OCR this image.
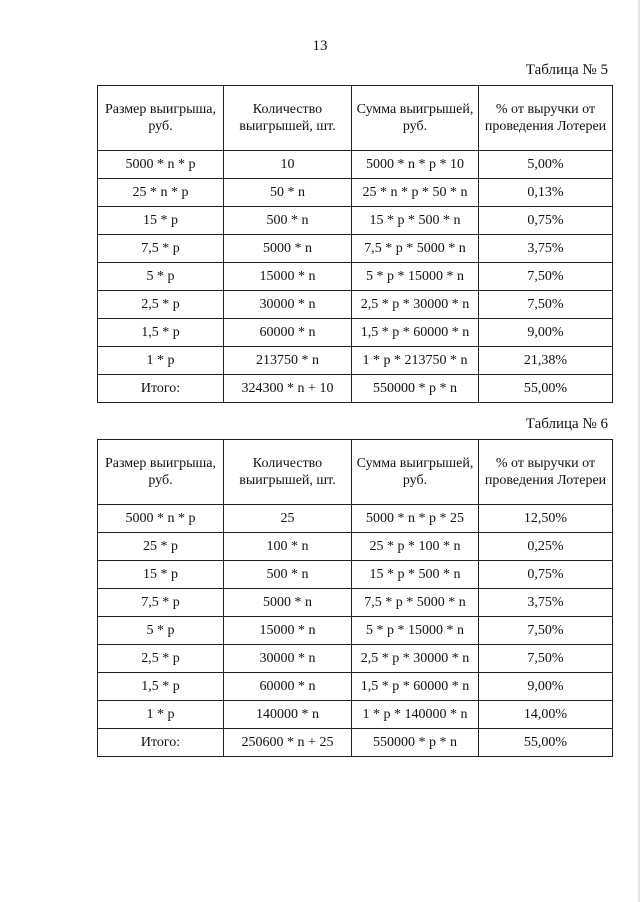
13
Таблица № 5
Размер выигрыша, руб.	Количество выигрышей, шт.	Сумма выигрышей, руб.	% от выручки от проведения Лотереи
5000 * n * p	10	5000 * n * p * 10	5,00%
25 * n * p	50 * n	25 * n * p * 50 * n	0,13%
15 * p	500 * n	15 * p * 500 * n	0,75%
7,5 * p	5000 * n	7,5 * p * 5000 * n	3,75%
5 * p	15000 * n	5 * p * 15000 * n	7,50%
2,5 * p	30000 * n	2,5 * p * 30000 * n	7,50%
1,5 * p	60000 * n	1,5 * p * 60000 * n	9,00%
1 * p	213750 * n	1 * p * 213750 * n	21,38%
Итого:	324300 * n + 10	550000 * p * n	55,00%
Таблица № 6
Размер выигрыша, руб.	Количество выигрышей, шт.	Сумма выигрышей, руб.	% от выручки от проведения Лотереи
5000 * n * p	25	5000 * n * p * 25	12,50%
25 * p	100 * n	25 * p * 100 * n	0,25%
15 * p	500 * n	15 * p * 500 * n	0,75%
7,5 * p	5000 * n	7,5 * p * 5000 * n	3,75%
5 * p	15000 * n	5 * p * 15000 * n	7,50%
2,5 * p	30000 * n	2,5 * p * 30000 * n	7,50%
1,5 * p	60000 * n	1,5 * p * 60000 * n	9,00%
1 * p	140000 * n	1 * p * 140000 * n	14,00%
Итого:	250600 * n + 25	550000 * p * n	55,00%
